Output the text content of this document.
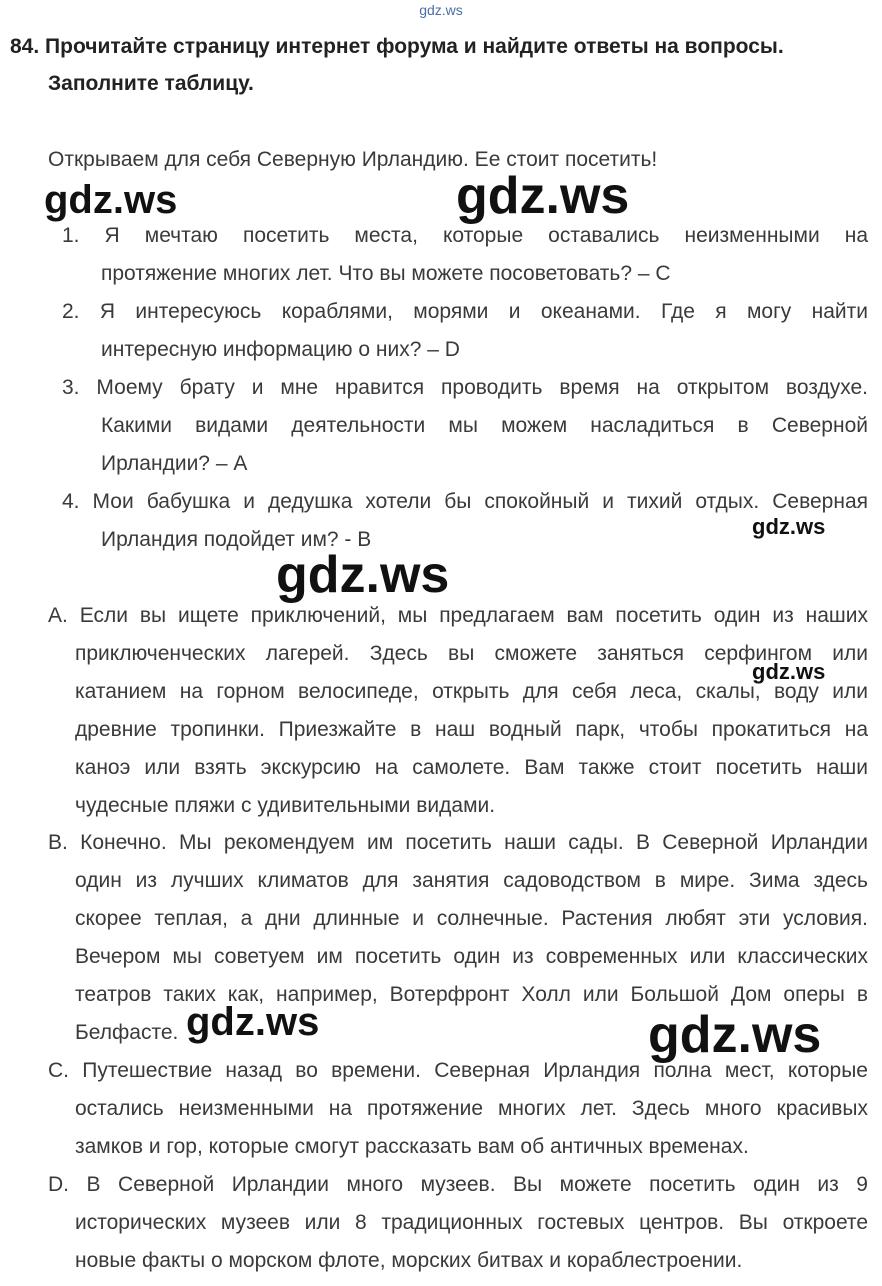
gdz.ws
84. Прочитайте страницу интернет форума и найдите ответы на вопросы.
Заполните таблицу.
Открываем для себя Северную Ирландию. Ее стоит посетить!
1. Я мечтаю посетить места, которые оставались неизменными на
протяжение многих лет. Что вы можете посоветовать? – C
2. Я интересуюсь кораблями, морями и океанами. Где я могу найти
интересную информацию о них? – D
3. Моему брату и мне нравится проводить время на открытом воздухе.
Какими видами деятельности мы можем насладиться в Северной
Ирландии? – A
4. Мои бабушка и дедушка хотели бы спокойный и тихий отдых. Северная
Ирландия подойдет им? - B
A. Если вы ищете приключений, мы предлагаем вам посетить один из наших
приключенческих лагерей. Здесь вы сможете заняться серфингом или
катанием на горном велосипеде, открыть для себя леса, скалы, воду или
древние тропинки. Приезжайте в наш водный парк, чтобы прокатиться на
каноэ или взять экскурсию на самолете. Вам также стоит посетить наши
чудесные пляжи с удивительными видами.
B. Конечно. Мы рекомендуем им посетить наши сады. В Северной Ирландии
один из лучших климатов для занятия садоводством в мире. Зима здесь
скорее теплая, а дни длинные и солнечные. Растения любят эти условия.
Вечером мы советуем им посетить один из современных или классических
театров таких как, например, Вотерфронт Холл или Большой Дом оперы в
Белфасте.
C. Путешествие назад во времени. Северная Ирландия полна мест, которые
остались неизменными на протяжение многих лет. Здесь много красивых
замков и гор, которые смогут рассказать вам об античных временах.
D. В Северной Ирландии много музеев. Вы можете посетить один из 9
исторических музеев или 8 традиционных гостевых центров. Вы откроете
новые факты о морском флоте, морских битвах и кораблестроении.
gdz.ws	gdz.ws
gdz.ws
gdz.ws
gdz.ws
gdz.ws	gdz.ws
